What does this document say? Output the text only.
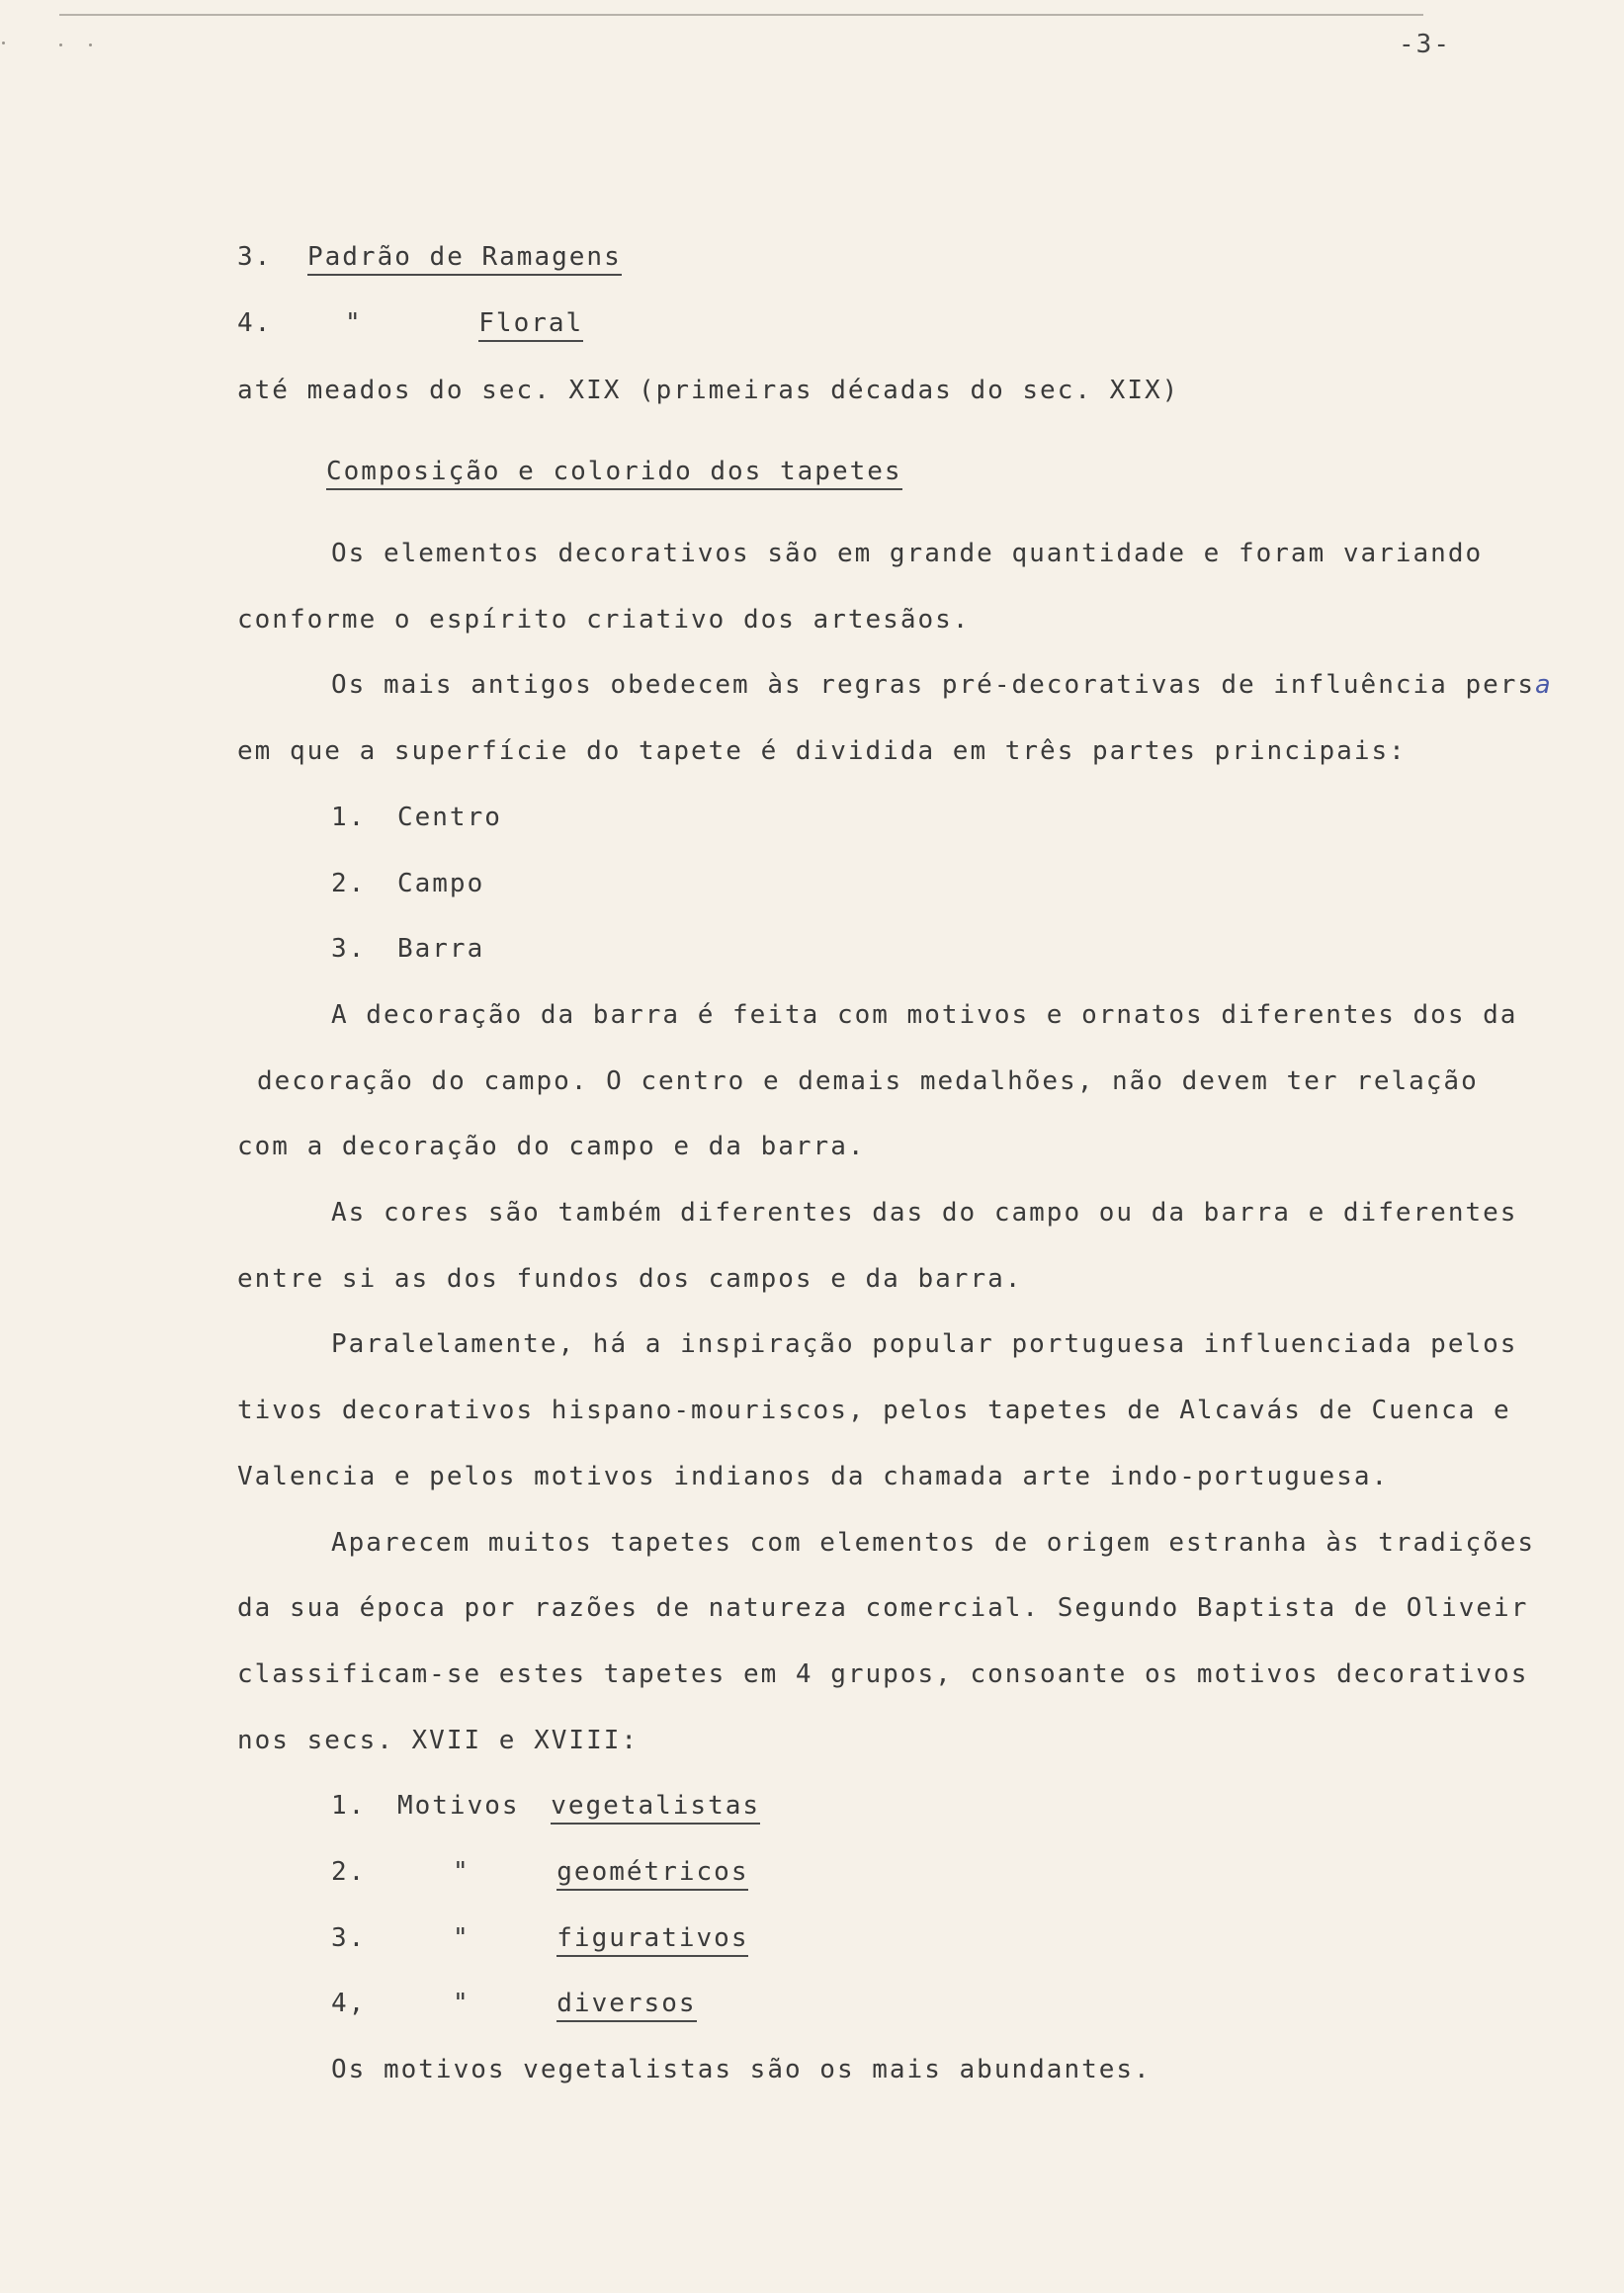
-3-
3. Padrão de Ramagens
4.	"	Floral
até meados do sec. XIX (primeiras décadas do sec. XIX)
Composição e colorido dos tapetes
Os elementos decorativos são em grande quantidade e foram variando
conforme o espírito criativo dos artesãos.
Os mais antigos obedecem às regras pré-decorativas de influência persa
em que a superfície do tapete é dividida em três partes principais:
1. Centro
2. Campo
3. Barra
A decoração da barra é feita com motivos e ornatos diferentes dos da
decoração do campo. O centro e demais medalhões, não devem ter relação
com a decoração do campo e da barra.
As cores são também diferentes das do campo ou da barra e diferentes
entre si as dos fundos dos campos e da barra.
Paralelamente, há a inspiração popular portuguesa influenciada pelos
tivos decorativos hispano-mouriscos, pelos tapetes de Alcavás de Cuenca e
Valencia e pelos motivos indianos da chamada arte indo-portuguesa.
Aparecem muitos tapetes com elementos de origem estranha às tradições
da sua época por razões de natureza comercial. Segundo Baptista de Oliveir
classificam-se estes tapetes em 4 grupos, consoante os motivos decorativos
nos secs. XVII e XVIII:
1. Motivos vegetalistas
2.	"	geométricos
3.	"	figurativos
4,	"	diversos
Os motivos vegetalistas são os mais abundantes.
